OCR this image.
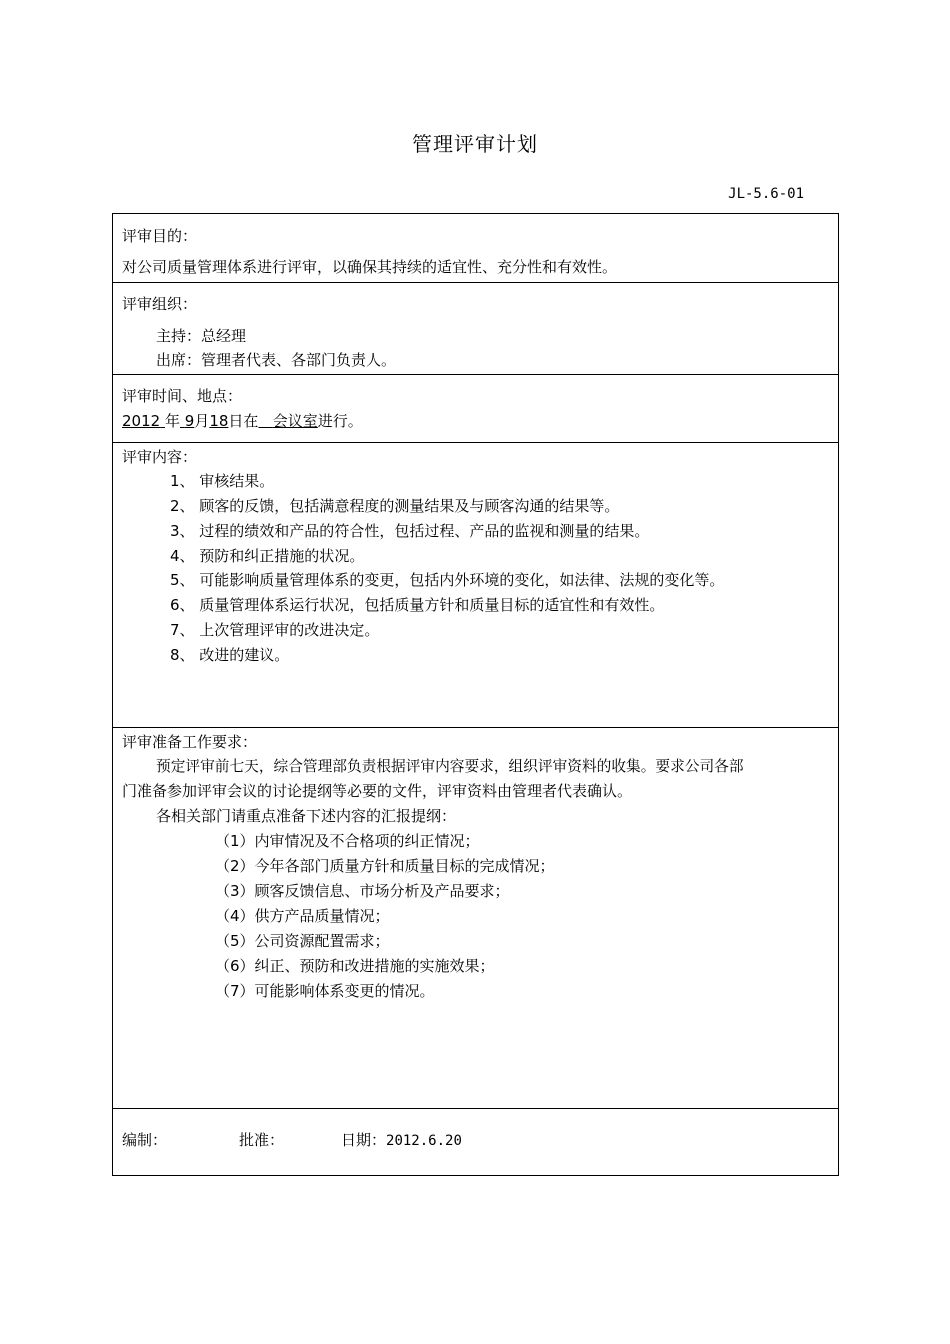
管理评审计划
JL-5.6-01
评审目的：
对公司质量管理体系进行评审，以确保其持续的适宜性、充分性和有效性。
评审组织：
主持：总经理
出席：管理者代表、各部门负责人。
评审时间、地点：
2012 年 9月18日在 会议室进行。
评审内容：
1、 审核结果。
2、 顾客的反馈，包括满意程度的测量结果及与顾客沟通的结果等。
3、 过程的绩效和产品的符合性，包括过程、产品的监视和测量的结果。
4、 预防和纠正措施的状况。
5、 可能影响质量管理体系的变更，包括内外环境的变化，如法律、法规的变化等。
6、 质量管理体系运行状况，包括质量方针和质量目标的适宜性和有效性。
7、 上次管理评审的改进决定。
8、 改进的建议。
评审准备工作要求：
预定评审前七天，综合管理部负责根据评审内容要求，组织评审资料的收集。要求公司各部
门准备参加评审会议的讨论提纲等必要的文件，评审资料由管理者代表确认。
各相关部门请重点准备下述内容的汇报提纲：
（1）内审情况及不合格项的纠正情况；
（2）今年各部门质量方针和质量目标的完成情况；
（3）顾客反馈信息、市场分析及产品要求；
（4）供方产品质量情况；
（5）公司资源配置需求；
（6）纠正、预防和改进措施的实施效果；
（7）可能影响体系变更的情况。
编制：	批准：	日期：2012.6.20
